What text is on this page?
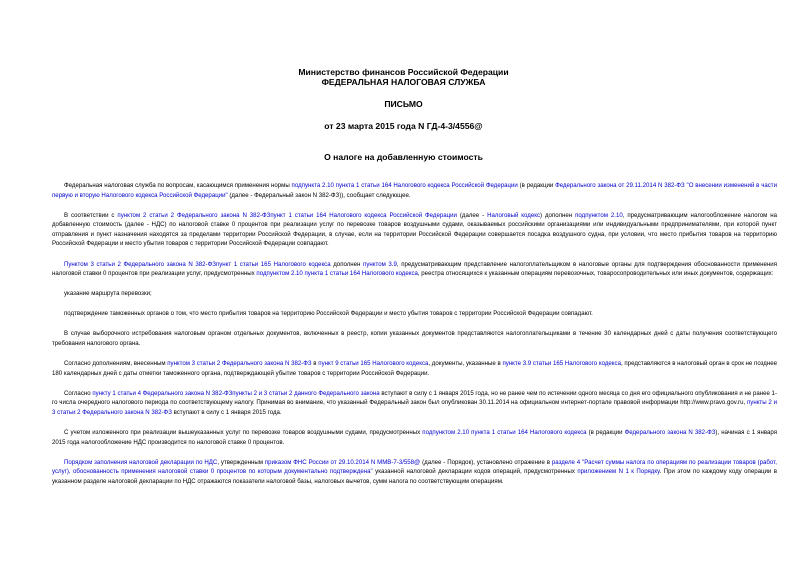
Министерство финансов Российской Федерации
ФЕДЕРАЛЬНАЯ НАЛОГОВАЯ СЛУЖБА
ПИСЬМО
от 23 марта 2015 года N ГД-4-3/4556@
О налоге на добавленную стоимость

Федеральная налоговая служба по вопросам, касающимся применения нормы подпункта 2.10 пункта 1 статьи 164 Налогового кодекса Российской Федерации (в редакции Федерального закона от 29.11.2014 N 382-ФЗ "О внесении изменений в части первую и вторую Налогового кодекса Российской Федерации" (далее - Федеральный закон N 382-ФЗ)), сообщает следующее.

В соответствии с пунктом 2 статьи 2 Федерального закона N 382-ФЗпункт 1 статьи 164 Налогового кодекса Российской Федерации (далее - Налоговый кодекс) дополнен подпунктом 2.10, предусматривающим налогообложение налогом на добавленную стоимость (далее - НДС) по налоговой ставке 0 процентов при реализации услуг по перевозке товаров воздушными судами, оказываемых российскими организациями или индивидуальными предпринимателями, при которой пункт отправления и пункт назначения находятся за пределами территории Российской Федерации, в случае, если на территории Российской Федерации совершается посадка воздушного судна, при условии, что место прибытия товаров на территорию Российской Федерации и место убытия товаров с территории Российской Федерации совпадают.

Пунктом 3 статьи 2 Федерального закона N 382-ФЗпункт 1 статьи 165 Налогового кодекса дополнен пунктом 3.9, предусматривающим представление налогоплательщиком в налоговые органы для подтверждения обоснованности применения налоговой ставки 0 процентов при реализации услуг, предусмотренных подпунктом 2.10 пункта 1 статьи 164 Налогового кодекса, реестра относящихся к указанным операциям перевозочных, товаросопроводительных или иных документов, содержащих:

указание маршрута перевозки;

подтверждение таможенных органов о том, что место прибытия товаров на территорию Российской Федерации и место убытия товаров с территории Российской Федерации совпадают.

В случае выборочного истребования налоговым органом отдельных документов, включенных в реестр, копии указанных документов представляются налогоплательщиками в течение 30 календарных дней с даты получения соответствующего требования налогового органа.

Согласно дополнениям, внесенным пунктом 3 статьи 2 Федерального закона N 382-ФЗ в пункт 9 статьи 165 Налогового кодекса, документы, указанные в пункте 3.9 статьи 165 Налогового кодекса, представляются в налоговый орган в срок не позднее 180 календарных дней с даты отметки таможенного органа, подтверждающей убытие товаров с территории Российской Федерации.

Согласно пункту 1 статьи 4 Федерального закона N 382-ФЗпункты 2 и 3 статьи 2 данного Федерального закона вступают в силу с 1 января 2015 года, но не ранее чем по истечении одного месяца со дня его официального опубликования и не ранее 1-го числа очередного налогового периода по соответствующему налогу. Принимая во внимание, что указанный Федеральный закон был опубликован 30.11.2014 на официальном интернет-портале правовой информации http://www.pravo.gov.ru, пункты 2 и 3 статьи 2 Федерального закона N 382-ФЗ вступают в силу с 1 января 2015 года.

С учетом изложенного при реализации вышеуказанных услуг по перевозке товаров воздушными судами, предусмотренных подпунктом 2.10 пункта 1 статьи 164 Налогового кодекса (в редакции Федерального закона N 382-ФЗ), начиная с 1 января 2015 года налогообложение НДС производится по налоговой ставке 0 процентов.

Порядком заполнения налоговой декларации по НДС, утвержденным приказом ФНС России от 29.10.2014 N ММВ-7-3/558@ (далее - Порядок), установлено отражение в разделе 4 "Расчет суммы налога по операциям по реализации товаров (работ, услуг), обоснованность применения налоговой ставки 0 процентов по которым документально подтверждена" указанной налоговой декларации кодов операций, предусмотренных приложением N 1 к Порядку. При этом по каждому коду операции в указанном разделе налоговой декларации по НДС отражаются показатели налоговой базы, налоговых вычетов, сумм налога по соответствующим операциям.
